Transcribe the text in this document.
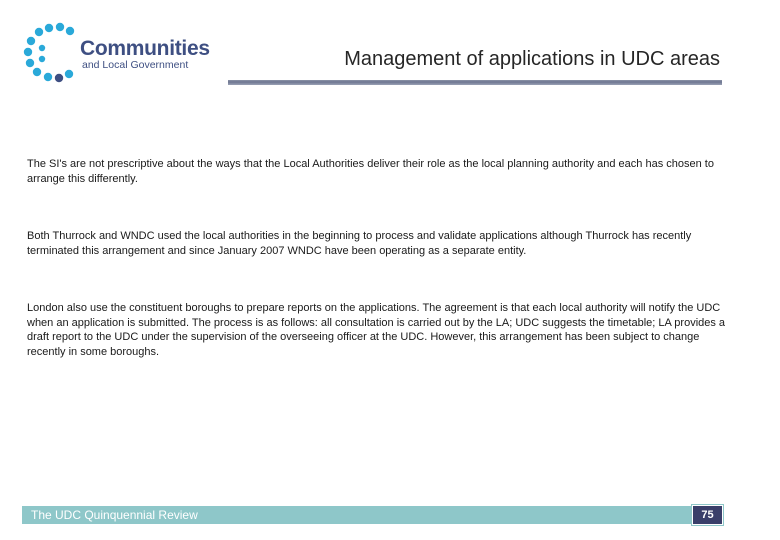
Communities
and Local Government	Management of applications in UDC areas

The SI's are not prescriptive about the ways that the Local Authorities deliver their role as the local planning authority and each has chosen to arrange this differently.

Both Thurrock and WNDC used the local authorities in the beginning to process and validate applications although Thurrock has recently terminated this arrangement and since January 2007 WNDC have been operating as a separate entity.

London also use the constituent boroughs to prepare reports on the applications. The agreement is that each local authority will notify the UDC when an application is submitted. The process is as follows: all consultation is carried out by the LA; UDC suggests the timetable; LA provides a draft report to the UDC under the supervision of the overseeing officer at the UDC. However, this arrangement has been subject to change recently in some boroughs.

The UDC Quinquennial Review	75
